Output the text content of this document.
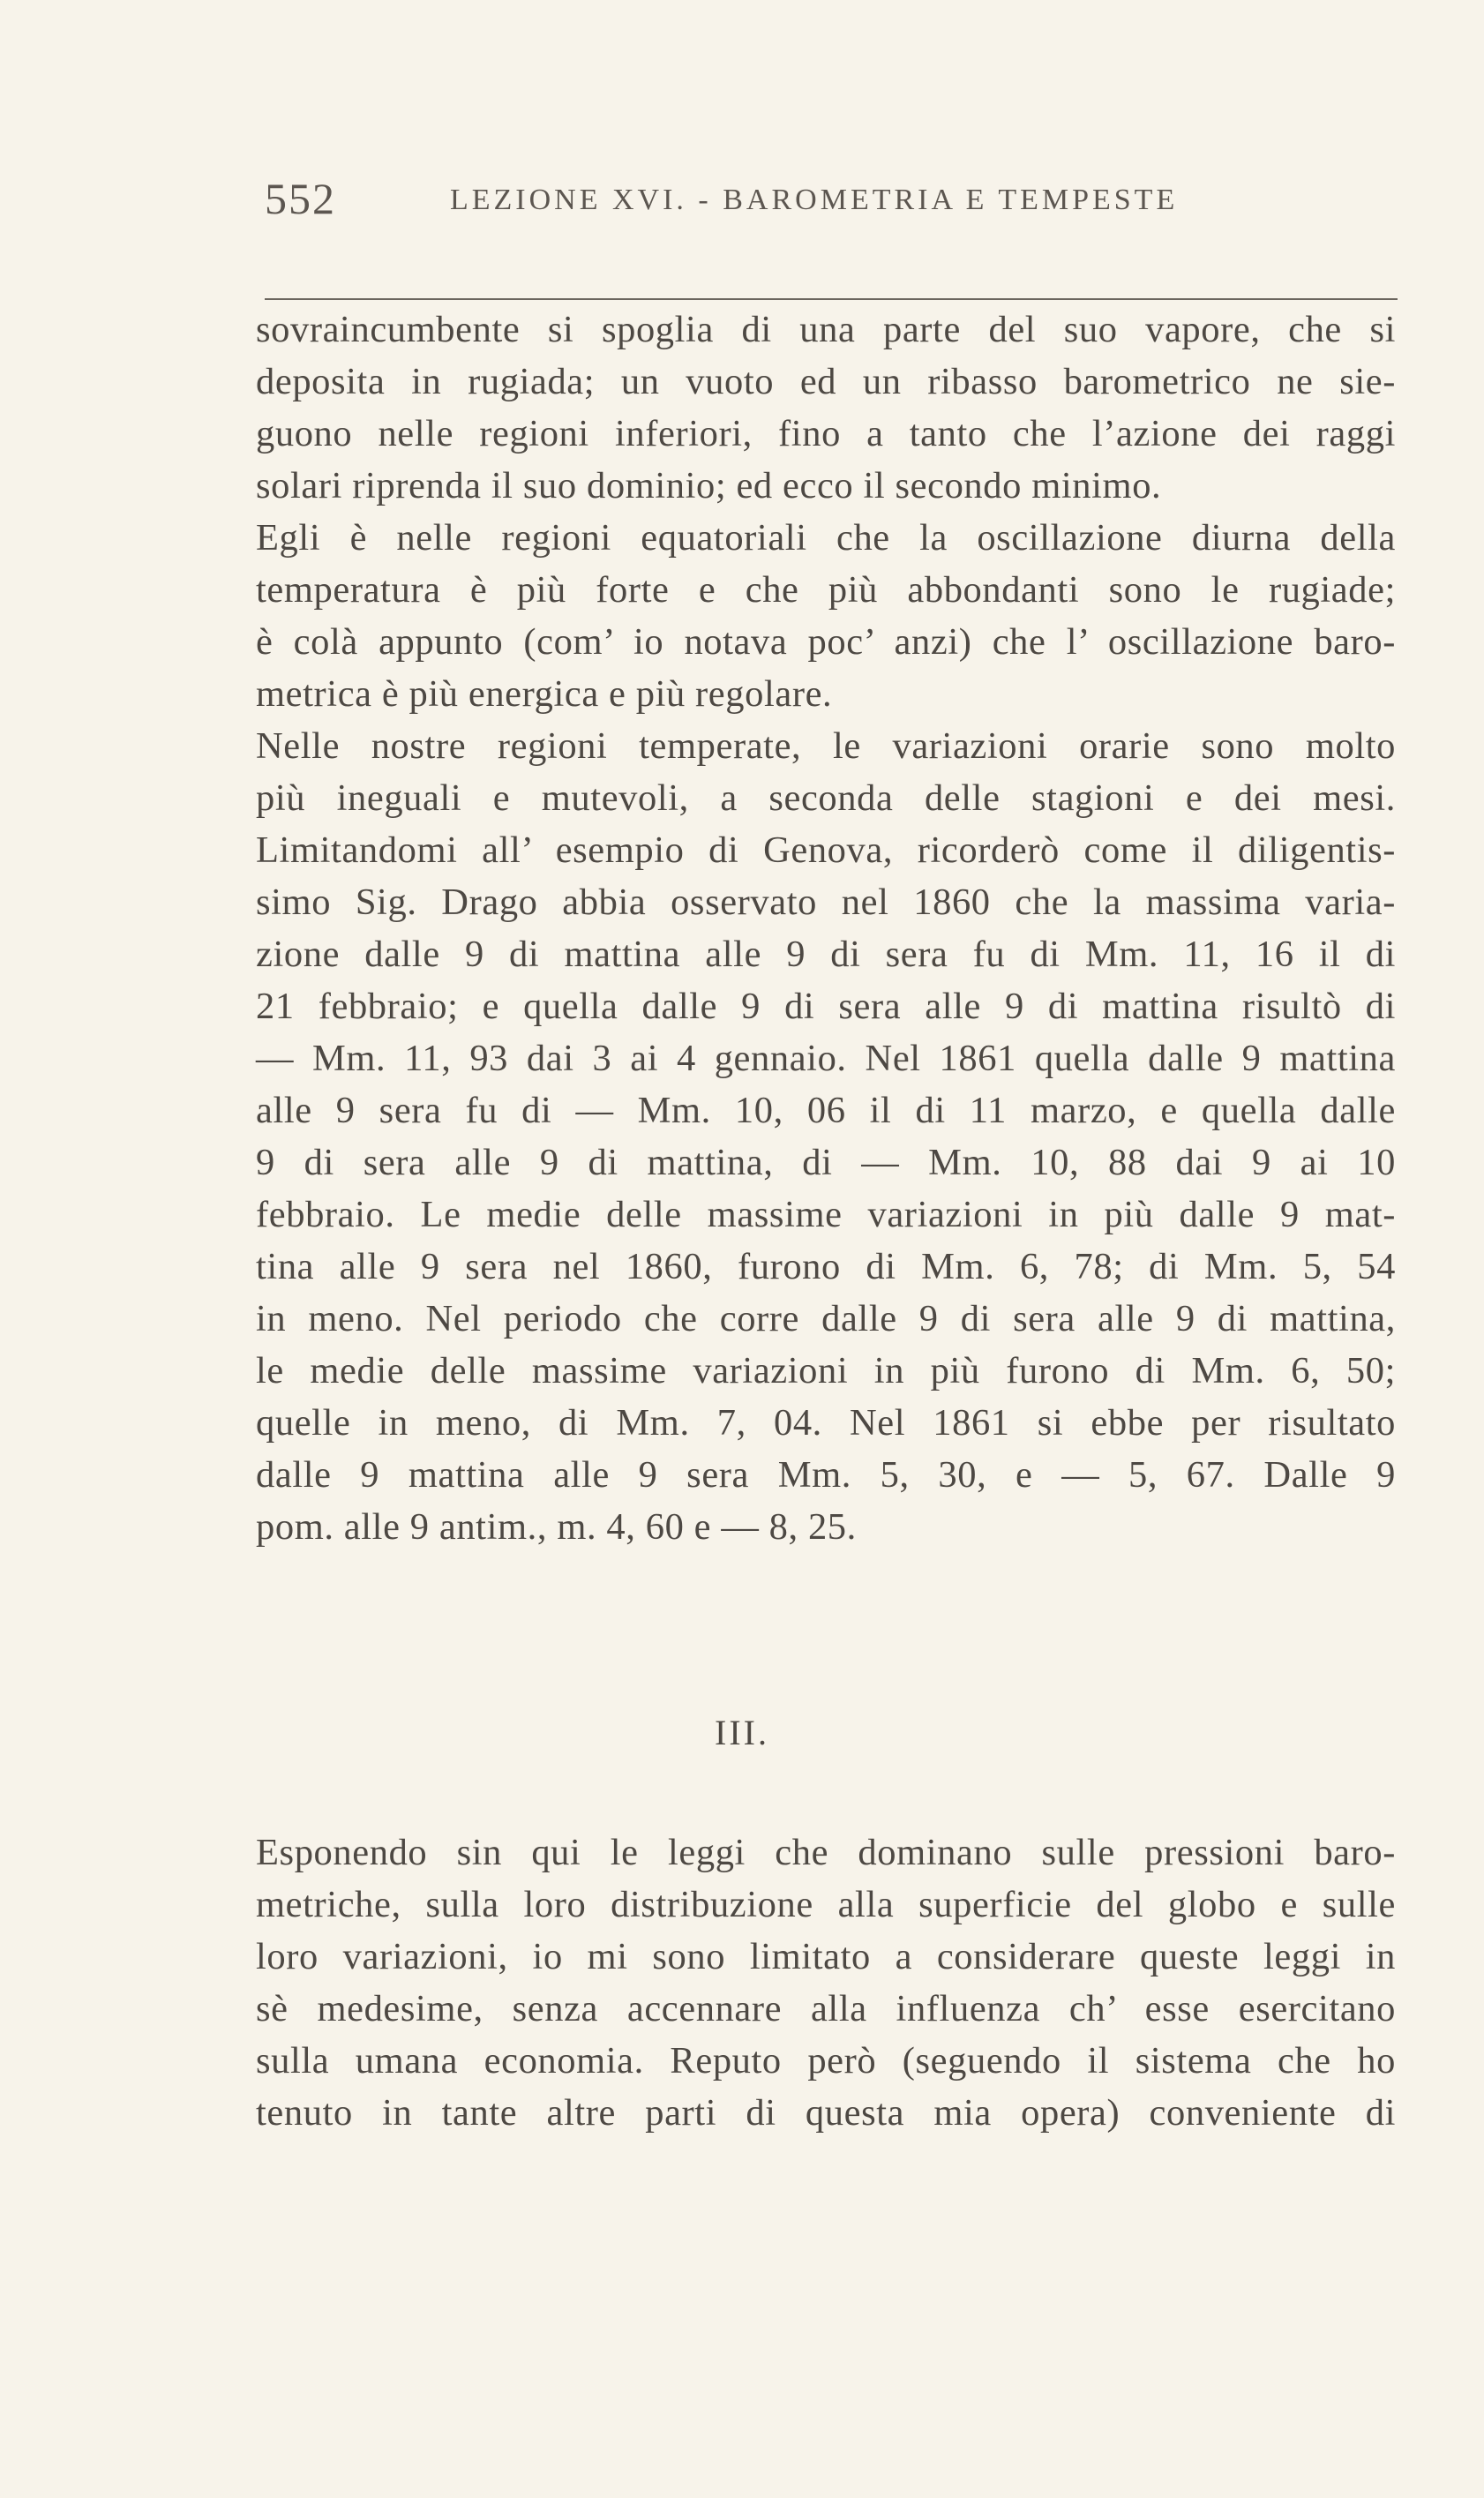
552	LEZIONE XVI. - BAROMETRIA E TEMPESTE
sovraincumbente si spoglia di una parte del suo vapore, che si
deposita in rugiada; un vuoto ed un ribasso barometrico ne sie-
guono nelle regioni inferiori, fino a tanto che l’azione dei raggi
solari riprenda il suo dominio; ed ecco il secondo minimo.
Egli è nelle regioni equatoriali che la oscillazione diurna della
temperatura è più forte e che più abbondanti sono le rugiade;
è colà appunto (com’ io notava poc’ anzi) che l’ oscillazione baro-
metrica è più energica e più regolare.
Nelle nostre regioni temperate, le variazioni orarie sono molto
più ineguali e mutevoli, a seconda delle stagioni e dei mesi.
Limitandomi all’ esempio di Genova, ricorderò come il diligentis-
simo Sig. Drago abbia osservato nel 1860 che la massima varia-
zione dalle 9 di mattina alle 9 di sera fu di Mm. 11, 16 il di
21 febbraio; e quella dalle 9 di sera alle 9 di mattina risultò di
— Mm. 11, 93 dai 3 ai 4 gennaio. Nel 1861 quella dalle 9 mattina
alle 9 sera fu di — Mm. 10, 06 il di 11 marzo, e quella dalle
9 di sera alle 9 di mattina, di — Mm. 10, 88 dai 9 ai 10
febbraio. Le medie delle massime variazioni in più dalle 9 mat-
tina alle 9 sera nel 1860, furono di Mm. 6, 78; di Mm. 5, 54
in meno. Nel periodo che corre dalle 9 di sera alle 9 di mattina,
le medie delle massime variazioni in più furono di Mm. 6, 50;
quelle in meno, di Mm. 7, 04. Nel 1861 si ebbe per risultato
dalle 9 mattina alle 9 sera Mm. 5, 30, e — 5, 67. Dalle 9
pom. alle 9 antim., m. 4, 60 e — 8, 25.
III.
Esponendo sin qui le leggi che dominano sulle pressioni baro-
metriche, sulla loro distribuzione alla superficie del globo e sulle
loro variazioni, io mi sono limitato a considerare queste leggi in
sè medesime, senza accennare alla influenza ch’ esse esercitano
sulla umana economia. Reputo però (seguendo il sistema che ho
tenuto in tante altre parti di questa mia opera) conveniente di
